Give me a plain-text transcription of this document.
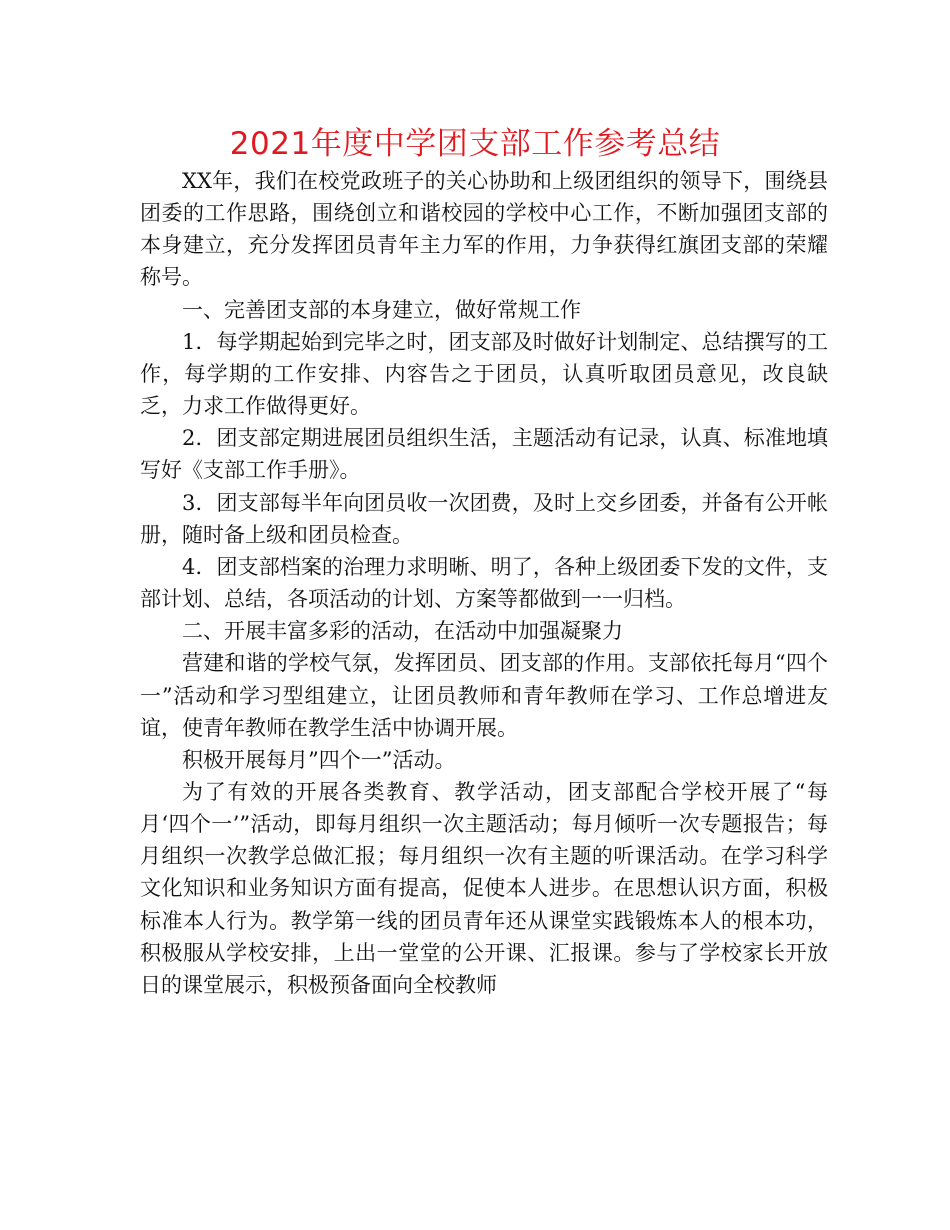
2021年度中学团支部工作参考总结

XX年，我们在校党政班子的关心协助和上级团组织的领导下，围绕县团委的工作思路，围绕创立和谐校园的学校中心工作，不断加强团支部的本身建立，充分发挥团员青年主力军的作用，力争获得红旗团支部的荣耀称号。

一、完善团支部的本身建立，做好常规工作

1．每学期起始到完毕之时，团支部及时做好计划制定、总结撰写的工作，每学期的工作安排、内容告之于团员，认真听取团员意见，改良缺乏，力求工作做得更好。

2．团支部定期进展团员组织生活，主题活动有记录，认真、标准地填写好《支部工作手册》。

3．团支部每半年向团员收一次团费，及时上交乡团委，并备有公开帐册，随时备上级和团员检查。

4．团支部档案的治理力求明晰、明了，各种上级团委下发的文件，支部计划、总结，各项活动的计划、方案等都做到一一归档。

二、开展丰富多彩的活动，在活动中加强凝聚力

营建和谐的学校气氛，发挥团员、团支部的作用。支部依托每月“四个一”活动和学习型组建立，让团员教师和青年教师在学习、工作总增进友谊，使青年教师在教学生活中协调开展。

积极开展每月”四个一”活动。

为了有效的开展各类教育、教学活动，团支部配合学校开展了“每月‘四个一’”活动，即每月组织一次主题活动；每月倾听一次专题报告；每月组织一次教学总做汇报；每月组织一次有主题的听课活动。在学习科学文化知识和业务知识方面有提高，促使本人进步。在思想认识方面，积极标准本人行为。教学第一线的团员青年还从课堂实践锻炼本人的根本功，积极服从学校安排，上出一堂堂的公开课、汇报课。参与了学校家长开放日的课堂展示，积极预备面向全校教师
